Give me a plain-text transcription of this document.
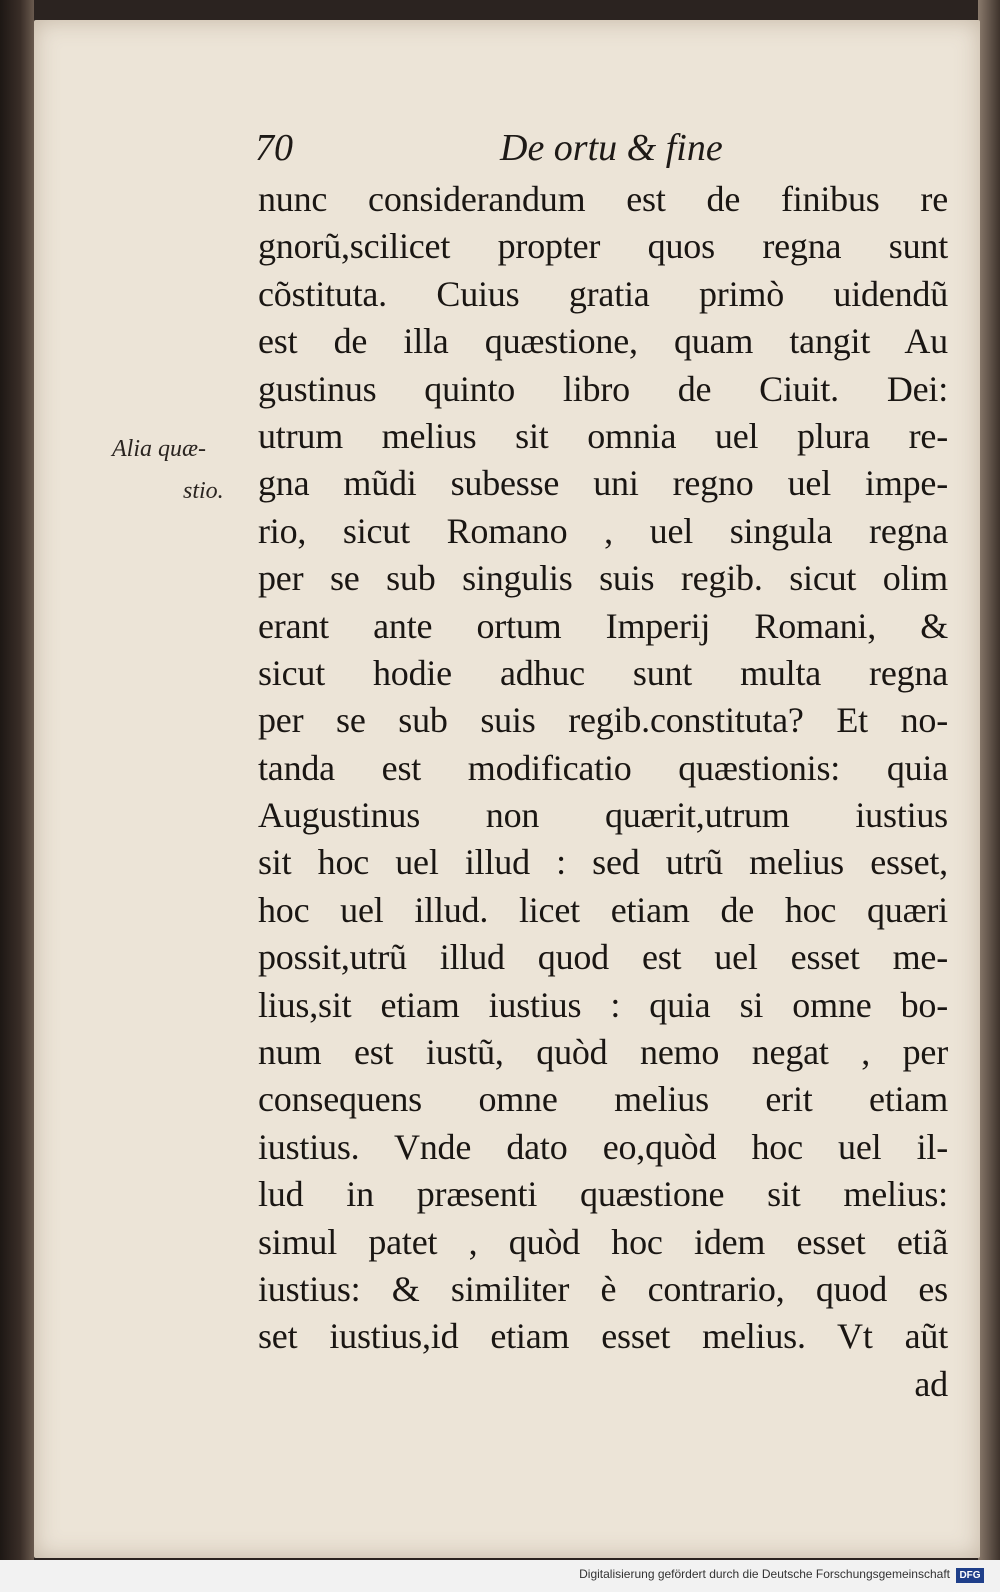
70	De ortu & fine
Alia quæ-
stio.
nunc considerandum est de finibus re
gnorũ,scilicet propter quos regna sunt
cõstituta. Cuius gratia primò uidendũ
est de illa quæstione, quam tangit Au
gustinus quinto libro de Ciuit. Dei:
utrum melius sit omnia uel plura re-
gna mũdi subesse uni regno uel impe-
rio, sicut Romano , uel singula regna
per se sub singulis suis regib. sicut olim
erant ante ortum Imperij Romani, &
sicut hodie adhuc sunt multa regna
per se sub suis regib.constituta? Et no-
tanda est modificatio quæstionis: quia
Augustinus non quærit,utrum iustius
sit hoc uel illud : sed utrũ melius esset,
hoc uel illud. licet etiam de hoc quæri
possit,utrũ illud quod est uel esset me-
lius,sit etiam iustius : quia si omne bo-
num est iustũ, quòd nemo negat , per
consequens omne melius erit etiam
iustius. Vnde dato eo,quòd hoc uel il-
lud in præsenti quæstione sit melius:
simul patet , quòd hoc idem esset etiã
iustius: & similiter è contrario, quod es
set iustius,id etiam esset melius. Vt aũt
ad
Digitalisierung gefördert durch die Deutsche Forschungsgemeinschaft DFG
